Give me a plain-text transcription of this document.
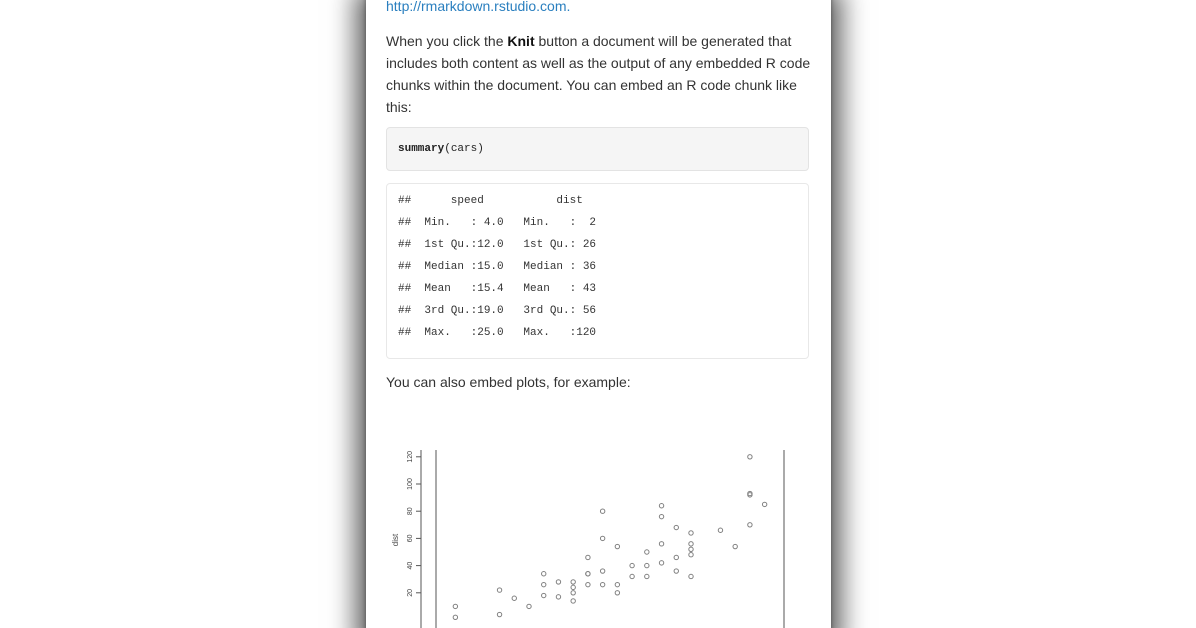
http://rmarkdown.rstudio.com.

When you click the Knit button a document will be generated that includes both content as well as the output of any embedded R code chunks within the document. You can embed an R code chunk like this:

summary(cars)
##      speed           dist
##  Min.   : 4.0   Min.   :  2
##  1st Qu.:12.0   1st Qu.: 26
##  Median :15.0   Median : 36
##  Mean   :15.4   Mean   : 43
##  3rd Qu.:19.0   3rd Qu.: 56
##  Max.   :25.0   Max.   :120

You can also embed plots, for example:

dist
20
40
60
80
100
120
